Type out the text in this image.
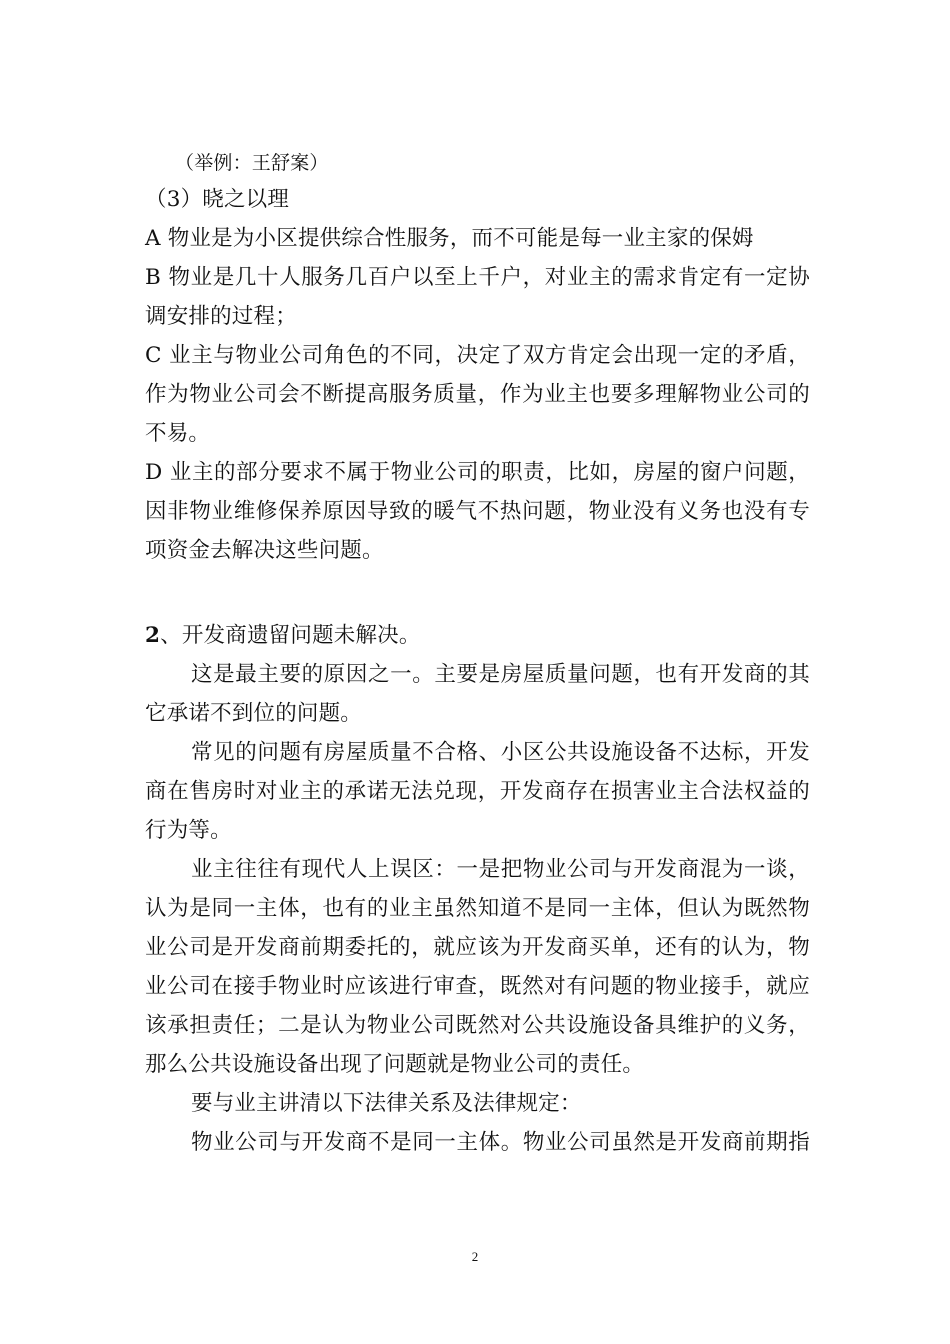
（举例：王舒案）
（3）晓之以理
A 物业是为小区提供综合性服务，而不可能是每一业主家的保姆
B 物业是几十人服务几百户以至上千户，对业主的需求肯定有一定协
调安排的过程；
C 业主与物业公司角色的不同，决定了双方肯定会出现一定的矛盾，
作为物业公司会不断提高服务质量，作为业主也要多理解物业公司的
不易。
D 业主的部分要求不属于物业公司的职责，比如，房屋的窗户问题，
因非物业维修保养原因导致的暖气不热问题，物业没有义务也没有专
项资金去解决这些问题。
2、开发商遗留问题未解决。
这是最主要的原因之一。主要是房屋质量问题，也有开发商的其
它承诺不到位的问题。
常见的问题有房屋质量不合格、小区公共设施设备不达标，开发
商在售房时对业主的承诺无法兑现，开发商存在损害业主合法权益的
行为等。
业主往往有现代人上误区：一是把物业公司与开发商混为一谈，
认为是同一主体，也有的业主虽然知道不是同一主体，但认为既然物
业公司是开发商前期委托的，就应该为开发商买单，还有的认为，物
业公司在接手物业时应该进行审查，既然对有问题的物业接手，就应
该承担责任；二是认为物业公司既然对公共设施设备具维护的义务，
那么公共设施设备出现了问题就是物业公司的责任。
要与业主讲清以下法律关系及法律规定：
物业公司与开发商不是同一主体。物业公司虽然是开发商前期指
2
